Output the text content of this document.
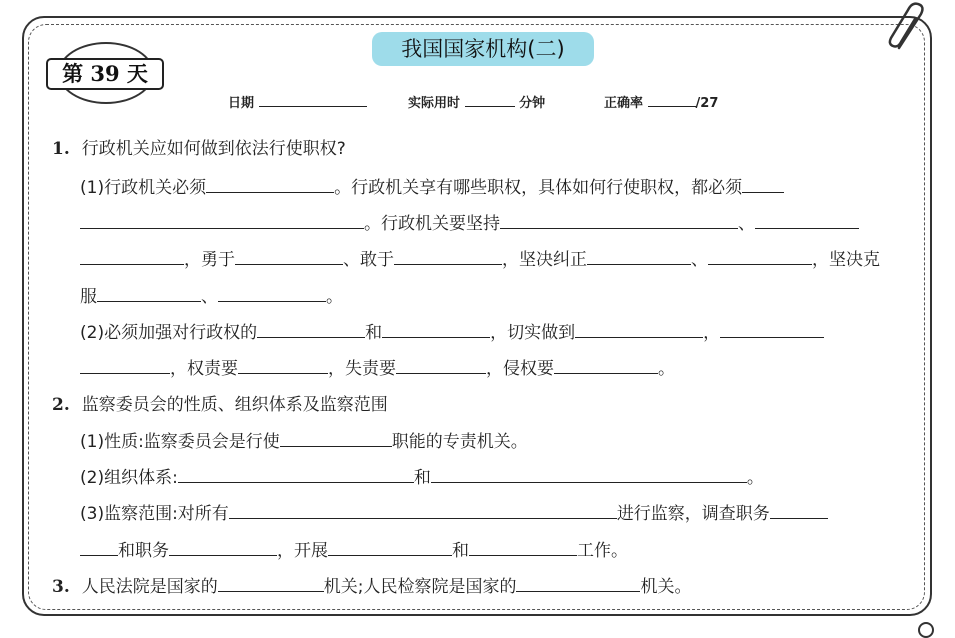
我国国家机构(二)
第 39 天
日期	实际用时	分钟	正确率	/27
1. 行政机关应如何做到依法行使职权?
(1)行政机关必须	。行政机关享有哪些职权，具体如何行使职权，都必须
。行政机关要坚持	、
，勇于	、敢于	，坚决纠正	、	，坚决克
服	、	。
(2)必须加强对行政权的	和	，切实做到	，
，权责要	，失责要	，侵权要	。
2. 监察委员会的性质、组织体系及监察范围
(1)性质:监察委员会是行使	职能的专责机关。
(2)组织体系:	和	。
(3)监察范围:对所有	进行监察，调查职务
和职务	，开展	和	工作。
3. 人民法院是国家的	机关;人民检察院是国家的	机关。
